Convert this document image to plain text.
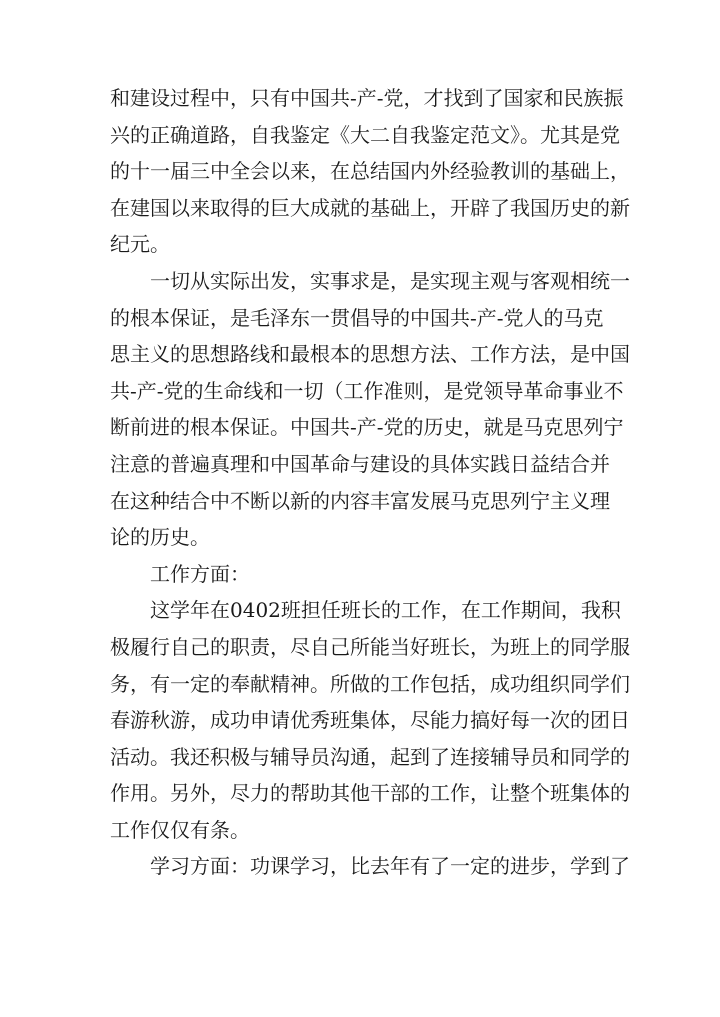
和建设过程中，只有中国共-产-党，才找到了国家和民族振
兴的正确道路，自我鉴定《大二自我鉴定范文》。尤其是党
的十一届三中全会以来，在总结国内外经验教训的基础上，
在建国以来取得的巨大成就的基础上，开辟了我国历史的新
纪元。
一切从实际出发，实事求是，是实现主观与客观相统一
的根本保证，是毛泽东一贯倡导的中国共-产-党人的马克
思主义的思想路线和最根本的思想方法、工作方法，是中国
共-产-党的生命线和一切（工作准则，是党领导革命事业不
断前进的根本保证。中国共-产-党的历史，就是马克思列宁
注意的普遍真理和中国革命与建设的具体实践日益结合并
在这种结合中不断以新的内容丰富发展马克思列宁主义理
论的历史。
工作方面：
这学年在0402班担任班长的工作，在工作期间，我积
极履行自己的职责，尽自己所能当好班长，为班上的同学服
务，有一定的奉献精神。所做的工作包括，成功组织同学们
春游秋游，成功申请优秀班集体，尽能力搞好每一次的团日
活动。我还积极与辅导员沟通，起到了连接辅导员和同学的
作用。另外，尽力的帮助其他干部的工作，让整个班集体的
工作仅仅有条。
学习方面：功课学习，比去年有了一定的进步，学到了
